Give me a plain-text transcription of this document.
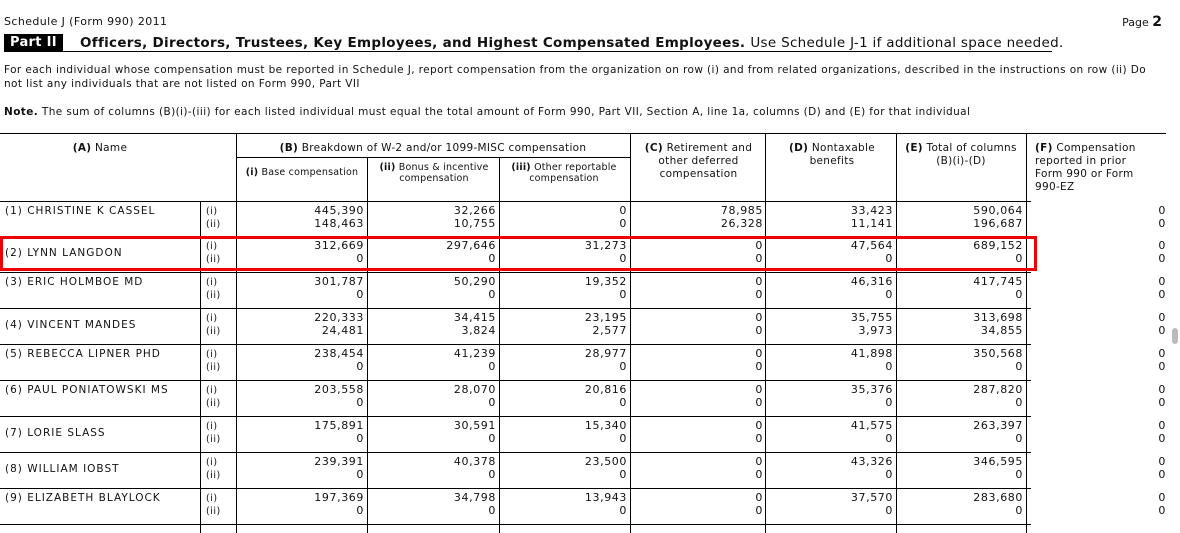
Schedule J (Form 990) 2011	Page 2
Part II	Officers, Directors, Trustees, Key Employees, and Highest Compensated Employees. Use Schedule J-1 if additional space needed.
For each individual whose compensation must be reported in Schedule J, report compensation from the organization on row (i) and from related organizations, described in the instructions on row (ii) Do not list any individuals that are not listed on Form 990, Part VII
Note. The sum of columns (B)(i)-(iii) for each listed individual must equal the total amount of Form 990, Part VII, Section A, line 1a, columns (D) and (E) for that individual
(A) Name	(B) Breakdown of W-2 and/or 1099-MISC compensation
(i) Base compensation	(ii) Bonus & incentive compensation
(iii) Other reportable compensation
(C) Retirement and other deferred compensation
(D) Nontaxable benefits
(E) Total of columns (B)(i)-(D)
(F) Compensation reported in prior Form 990 or Form 990-EZ
(1) CHRISTINE K CASSEL	(i)	445,390	32,266	0	78,985	33,423	590,064	0
(ii)	148,463	10,755	0	26,328	11,141	196,687	0
(2) LYNN LANGDON
(i)	312,669	297,646	31,273	0	47,564	689,152	0
(ii)	0	0	0	0	0	0	0
(3) ERIC HOLMBOE MD	(i)	301,787	50,290	19,352	0	46,316	417,745	0
(ii)	0	0	0	0	0	0	0
(4) VINCENT MANDES
(i)	220,333	34,415	23,195	0	35,755	313,698	0
(ii)	24,481	3,824	2,577	0	3,973	34,855	0
(5) REBECCA LIPNER PHD	(i)	238,454	41,239	28,977	0	41,898	350,568	0
(ii)	0	0	0	0	0	0	0
(6) PAUL PONIATOWSKI MS	(i)	203,558	28,070	20,816	0	35,376	287,820	0
(ii)	0	0	0	0	0	0	0
(7) LORIE SLASS
(i)	175,891	30,591	15,340	0	41,575	263,397	0
(ii)	0	0	0	0	0	0	0
(8) WILLIAM IOBST
(i)	239,391	40,378	23,500	0	43,326	346,595	0
(ii)	0	0	0	0	0	0	0
(9) ELIZABETH BLAYLOCK	(i)	197,369	34,798	13,943	0	37,570	283,680	0
(ii)	0	0	0	0	0	0	0
